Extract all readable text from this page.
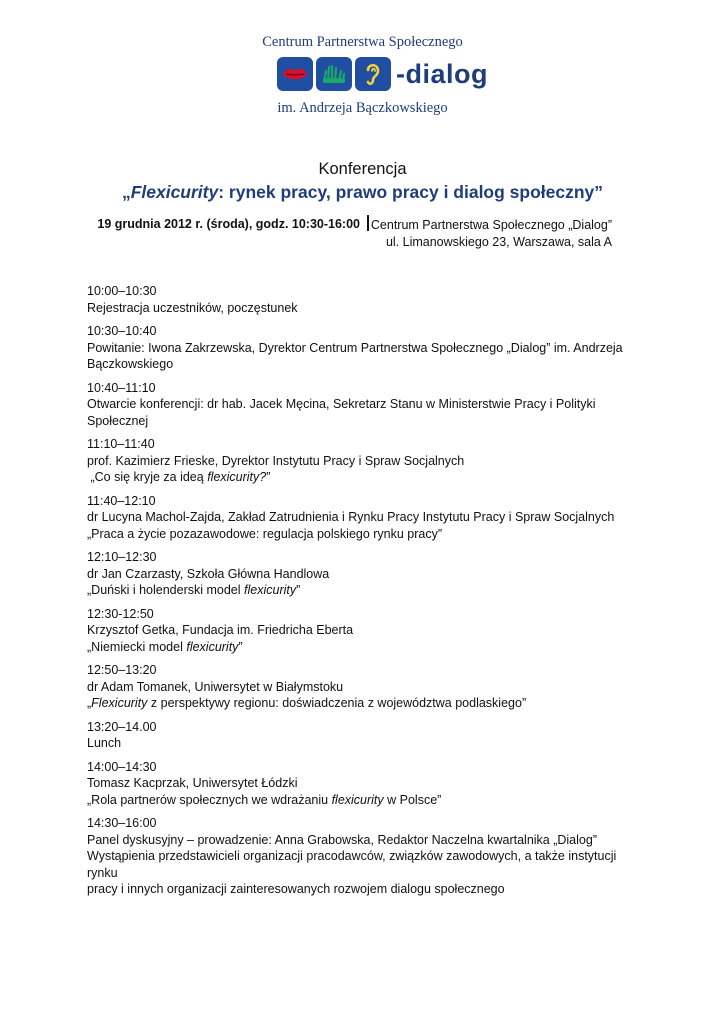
Centrum Partnerstwa Społecznego
-dialog
im. Andrzeja Bączkowskiego
Konferencja
„Flexicurity: rynek pracy, prawo pracy i dialog społeczny”
19 grudnia 2012 r. (środa), godz. 10:30-16:00 Centrum Partnerstwa Społecznego „Dialog”
ul. Limanowskiego 23, Warszawa, sala A
10:00–10:30
Rejestracja uczestników, poczęstunek
10:30–10:40
Powitanie: Iwona Zakrzewska, Dyrektor Centrum Partnerstwa Społecznego „Dialog” im. Andrzeja
Bączkowskiego
10:40–11:10
Otwarcie konferencji: dr hab. Jacek Męcina, Sekretarz Stanu w Ministerstwie Pracy i Polityki
Społecznej
11:10–11:40
prof. Kazimierz Frieske, Dyrektor Instytutu Pracy i Spraw Socjalnych
„Co się kryje za ideą flexicurity?”
11:40–12:10
dr Lucyna Machol-Zajda, Zakład Zatrudnienia i Rynku Pracy Instytutu Pracy i Spraw Socjalnych
„Praca a życie pozazawodowe: regulacja polskiego rynku pracy”
12:10–12:30
dr Jan Czarzasty, Szkoła Główna Handlowa
„Duński i holenderski model flexicurity”
12:30-12:50
Krzysztof Getka, Fundacja im. Friedricha Eberta
„Niemiecki model flexicurity”
12:50–13:20
dr Adam Tomanek, Uniwersytet w Białymstoku
„Flexicurity z perspektywy regionu: doświadczenia z województwa podlaskiego”
13:20–14.00
Lunch
14:00–14:30
Tomasz Kacprzak, Uniwersytet Łódzki
„Rola partnerów społecznych we wdrażaniu flexicurity w Polsce”
14:30–16:00
Panel dyskusyjny – prowadzenie: Anna Grabowska, Redaktor Naczelna kwartalnika „Dialog”
Wystąpienia przedstawicieli organizacji pracodawców, związków zawodowych, a także instytucji rynku
pracy i innych organizacji zainteresowanych rozwojem dialogu społecznego
